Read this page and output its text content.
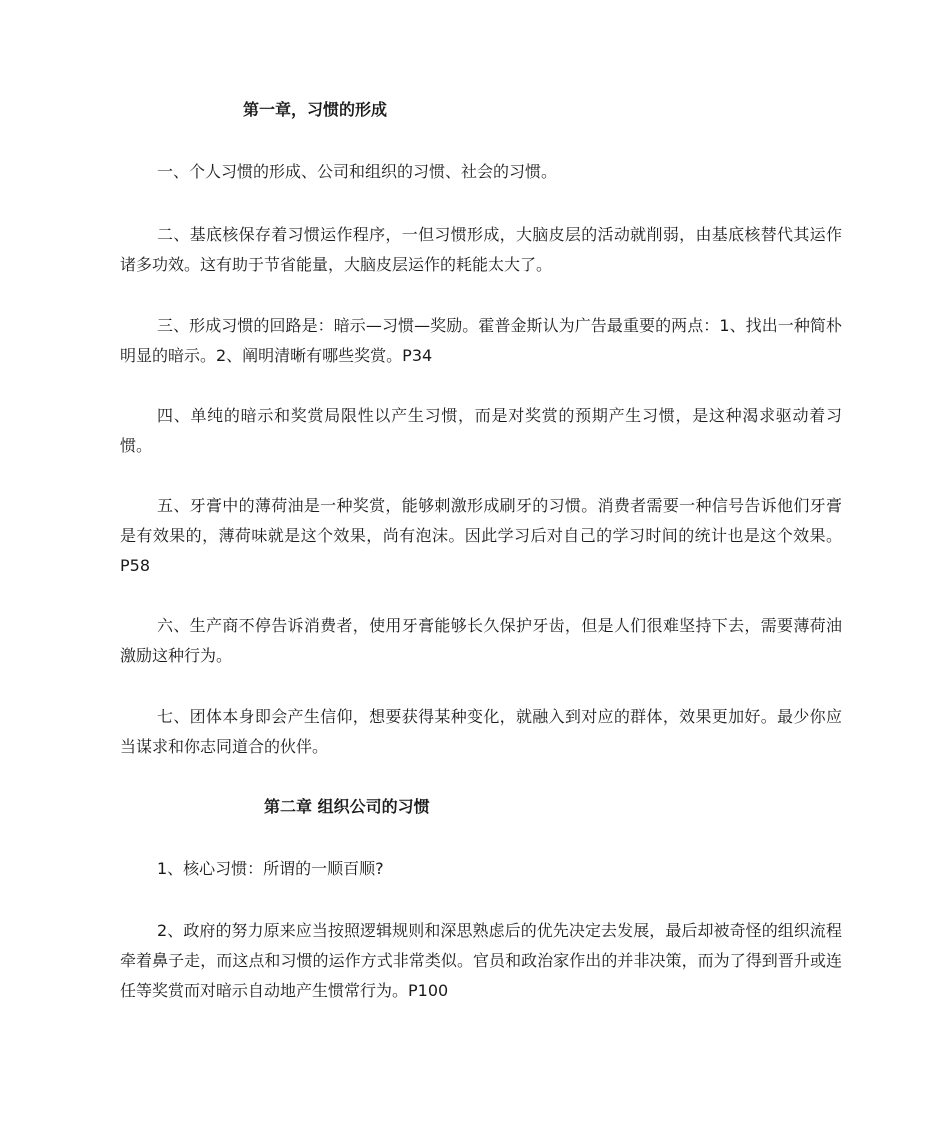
第一章，习惯的形成

一、个人习惯的形成、公司和组织的习惯、社会的习惯。

二、基底核保存着习惯运作程序，一但习惯形成，大脑皮层的活动就削弱，由基底核替代其运作诸多功效。这有助于节省能量，大脑皮层运作的耗能太大了。

三、形成习惯的回路是：暗示—习惯—奖励。霍普金斯认为广告最重要的两点：1、找出一种简朴明显的暗示。2、阐明清晰有哪些奖赏。P34

四、单纯的暗示和奖赏局限性以产生习惯，而是对奖赏的预期产生习惯，是这种渴求驱动着习惯。

五、牙膏中的薄荷油是一种奖赏，能够刺激形成刷牙的习惯。消费者需要一种信号告诉他们牙膏是有效果的，薄荷味就是这个效果，尚有泡沫。因此学习后对自己的学习时间的统计也是这个效果。P58

六、生产商不停告诉消费者，使用牙膏能够长久保护牙齿，但是人们很难坚持下去，需要薄荷油激励这种行为。

七、团体本身即会产生信仰，想要获得某种变化，就融入到对应的群体，效果更加好。最少你应当谋求和你志同道合的伙伴。

第二章 组织公司的习惯

1、核心习惯：所谓的一顺百顺?

2、政府的努力原来应当按照逻辑规则和深思熟虑后的优先决定去发展，最后却被奇怪的组织流程牵着鼻子走，而这点和习惯的运作方式非常类似。官员和政治家作出的并非决策，而为了得到晋升或连任等奖赏而对暗示自动地产生惯常行为。P100
